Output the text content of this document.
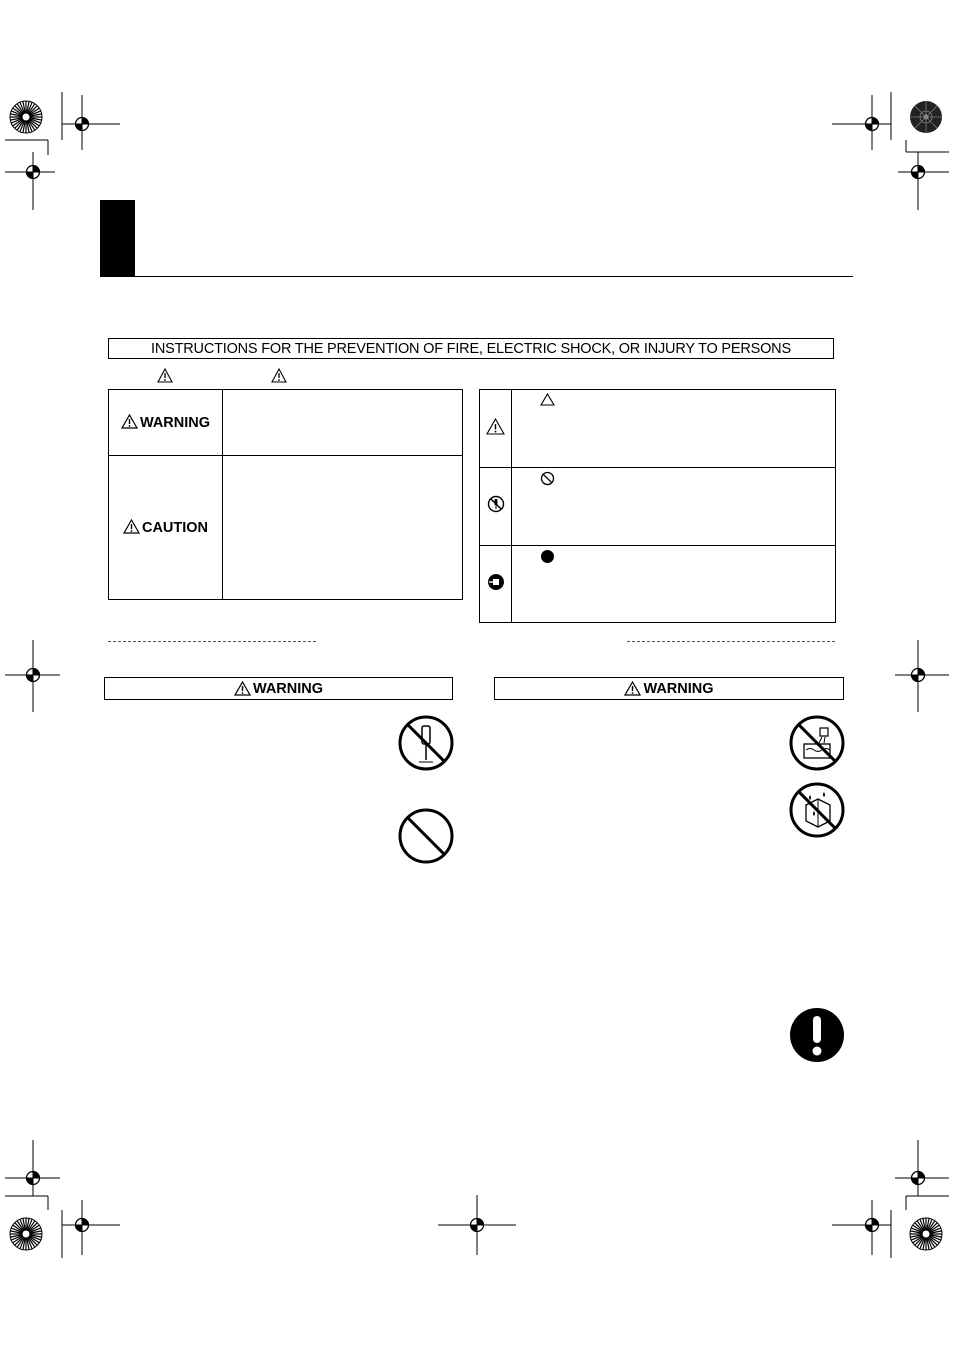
INSTRUCTIONS FOR THE PREVENTION OF FIRE, ELECTRIC SHOCK, OR INJURY TO PERSONS
WARNING	
CAUTION	

WARNING	WARNING
